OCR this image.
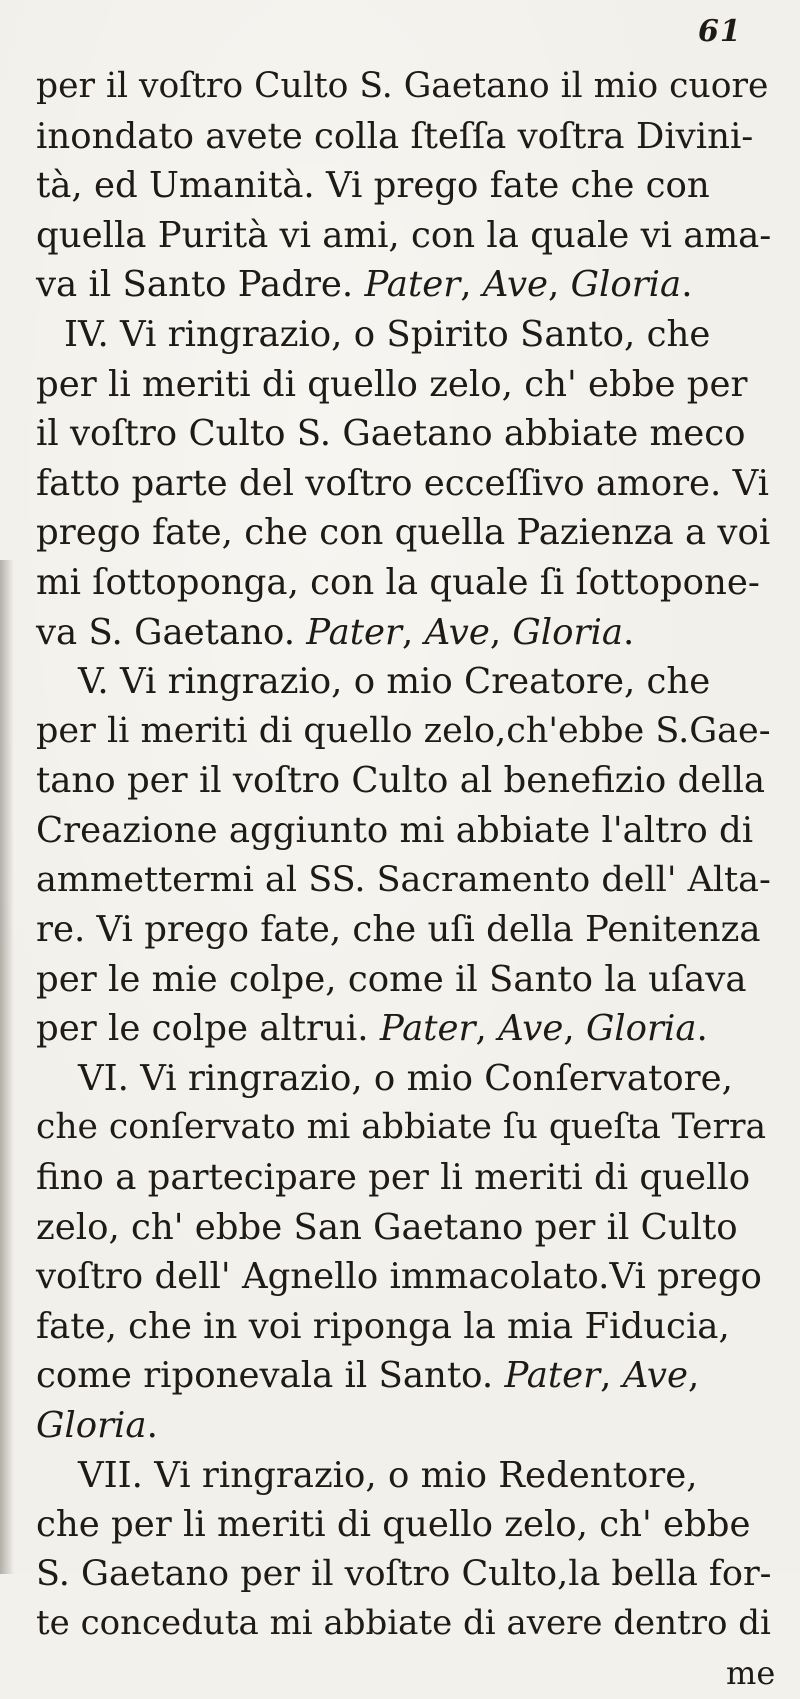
61
per il voſtro Culto S. Gaetano il mio cuore
inondato avete colla ſteſſa voſtra Divini-
tà, ed Umanità. Vi prego fate che con
quella Purità vi ami, con la quale vi ama-
va il Santo Padre. Pater, Ave, Gloria.
IV. Vi ringrazio, o Spirito Santo, che
per li meriti di quello zelo, ch' ebbe per
il voſtro Culto S. Gaetano abbiate meco
fatto parte del voſtro ecceſſivo amore. Vi
prego fate, che con quella Pazienza a voi
mi ſottoponga, con la quale ſi ſottopone-
va S. Gaetano. Pater, Ave, Gloria.
V. Vi ringrazio, o mio Creatore, che
per li meriti di quello zelo,ch'ebbe S.Gae-
tano per il voſtro Culto al benefizio della
Creazione aggiunto mi abbiate l'altro di
ammettermi al SS. Sacramento dell' Alta-
re. Vi prego fate, che uſi della Penitenza
per le mie colpe, come il Santo la uſava
per le colpe altrui. Pater, Ave, Gloria.
VI. Vi ringrazio, o mio Conſervatore,
che conſervato mi abbiate ſu queſta Terra
fino a partecipare per li meriti di quello
zelo, ch' ebbe San Gaetano per il Culto
voſtro dell' Agnello immacolato.Vi prego
fate, che in voi riponga la mia Fiducia,
come riponevala il Santo. Pater, Ave,
Gloria.
VII. Vi ringrazio, o mio Redentore,
che per li meriti di quello zelo, ch' ebbe
S. Gaetano per il voſtro Culto,la bella for-
te conceduta mi abbiate di avere dentro di
me
